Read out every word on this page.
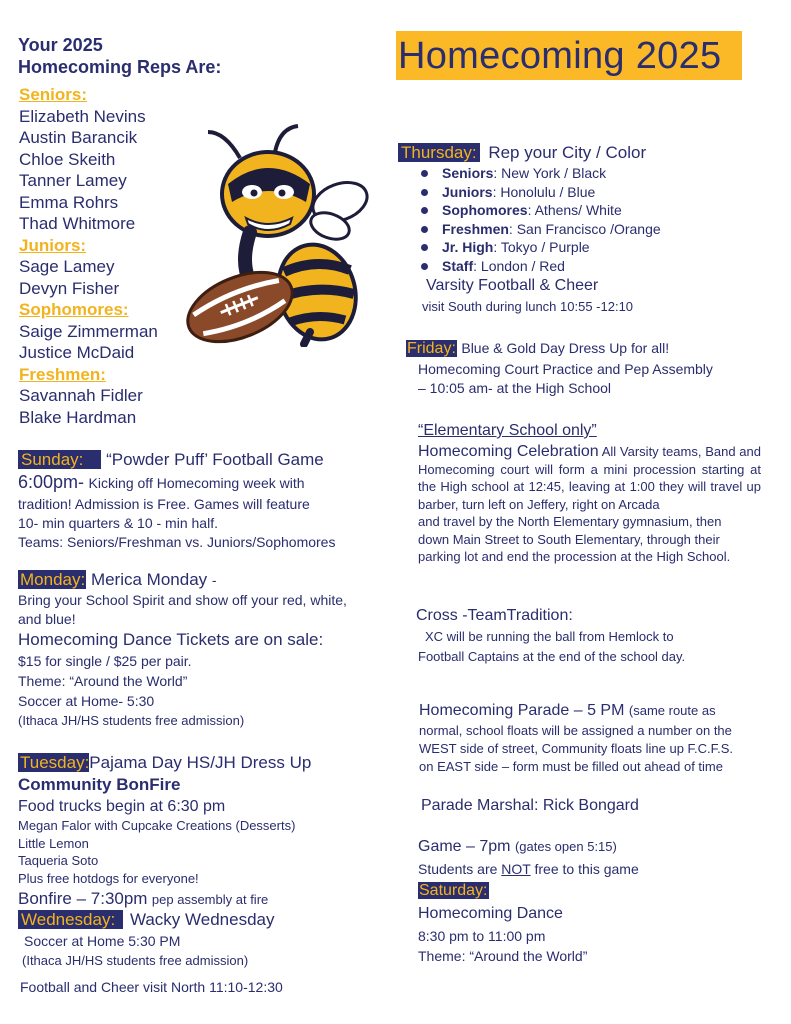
Homecoming 2025
Your 2025
Homecoming Reps Are:
Seniors:
Elizabeth Nevins
Austin Barancik
Chloe Skeith
Tanner Lamey
Emma Rohrs
Thad Whitmore
Juniors:
Sage Lamey
Devyn Fisher
Sophomores:
Saige Zimmerman
Justice McDaid
Freshmen:
Savannah Fidler
Blake Hardman
Sunday: “Powder Puff’ Football Game
6:00pm- Kicking off Homecoming week with
tradition! Admission is Free. Games will feature
10- min quarters & 10 - min half.
Teams: Seniors/Freshman vs. Juniors/Sophomores
Monday: Merica Monday -
Bring your School Spirit and show off your red, white,
and blue!
Homecoming Dance Tickets are on sale:
$15 for single / $25 per pair.
Theme: “Around the World”
Soccer at Home- 5:30
(Ithaca JH/HS students free admission)
Tuesday:Pajama Day HS/JH Dress Up
Community BonFire
Food trucks begin at 6:30 pm
Megan Falor with Cupcake Creations (Desserts)
Little Lemon
Taqueria Soto
Plus free hotdogs for everyone!
Bonfire – 7:30pm pep assembly at fire
Wednesday: Wacky Wednesday
Soccer at Home 5:30 PM
(Ithaca JH/HS students free admission)
Football and Cheer visit North 11:10-12:30
Thursday: Rep your City / Color
Seniors: New York / Black
Juniors: Honolulu / Blue
Sophomores: Athens/ White
Freshmen: San Francisco /Orange
Jr. High: Tokyo / Purple
Staff: London / Red
Varsity Football & Cheer
visit South during lunch 10:55 -12:10
Friday: Blue & Gold Day Dress Up for all!
Homecoming Court Practice and Pep Assembly
– 10:05 am- at the High School
“Elementary School only”
Homecoming Celebration All Varsity teams, Band and Homecoming court will form a mini procession starting at the High school at 12:45, leaving at 1:00 they will travel up barber, turn left on Jeffery, right on Arcada
and travel by the North Elementary gymnasium, then
down Main Street to South Elementary, through their
parking lot and end the procession at the High School.
Cross -TeamTradition:
XC will be running the ball from Hemlock to
Football Captains at the end of the school day.
Homecoming Parade – 5 PM (same route as
normal, school floats will be assigned a number on the
WEST side of street, Community floats line up F.C.F.S.
on EAST side – form must be filled out ahead of time
Parade Marshal: Rick Bongard
Game – 7pm (gates open 5:15)
Students are NOT free to this game
Saturday:
Homecoming Dance
8:30 pm to 11:00 pm
Theme: “Around the World”
